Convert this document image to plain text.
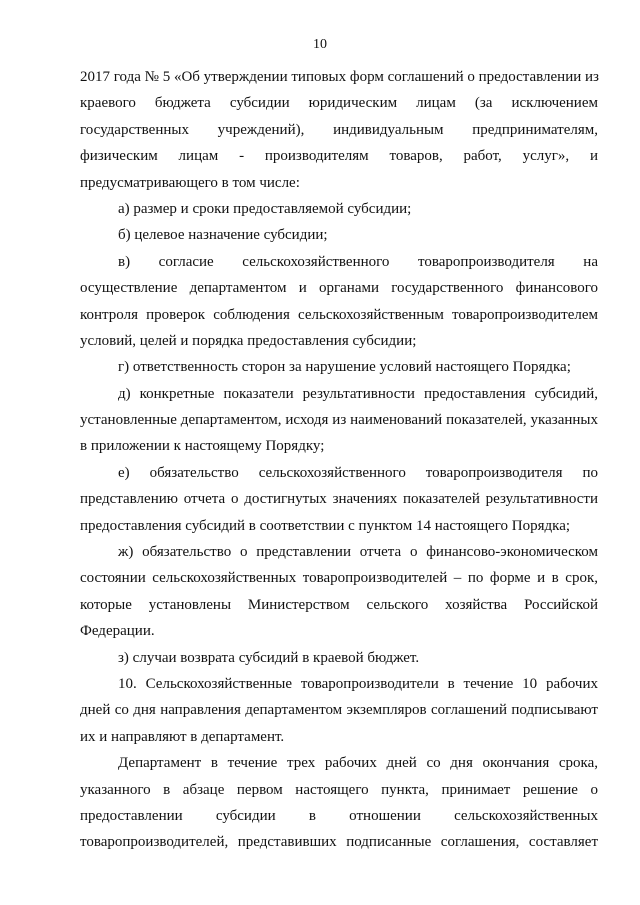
10

2017 года № 5 «Об утверждении типовых форм соглашений о предоставлении из
краевого бюджета субсидии юридическим лицам (за исключением
государственных учреждений), индивидуальным предпринимателям,
физическим лицам - производителям товаров, работ, услуг», и
предусматривающего в том числе:

а) размер и сроки предоставляемой субсидии;

б) целевое назначение субсидии;

в) согласие сельскохозяйственного товаропроизводителя на
осуществление департаментом и органами государственного финансового
контроля проверок соблюдения сельскохозяйственным товаропроизводителем
условий, целей и порядка предоставления субсидии;

г) ответственность сторон за нарушение условий настоящего Порядка;

д) конкретные показатели результативности предоставления субсидий,
установленные департаментом, исходя из наименований показателей, указанных
в приложении к настоящему Порядку;

е) обязательство сельскохозяйственного товаропроизводителя по
представлению отчета о достигнутых значениях показателей результативности
предоставления субсидий в соответствии с пунктом 14 настоящего Порядка;

ж) обязательство о представлении отчета о финансово-экономическом
состоянии сельскохозяйственных товаропроизводителей – по форме и в срок,
которые установлены Министерством сельского хозяйства Российской
Федерации.

з) случаи возврата субсидий в краевой бюджет.

10. Сельскохозяйственные товаропроизводители в течение 10 рабочих
дней со дня направления департаментом экземпляров соглашений подписывают
их и направляют в департамент.

Департамент в течение трех рабочих дней со дня окончания срока,
указанного в абзаце первом настоящего пункта, принимает решение о
предоставлении субсидии в отношении сельскохозяйственных
товаропроизводителей, представивших подписанные соглашения, составляет
